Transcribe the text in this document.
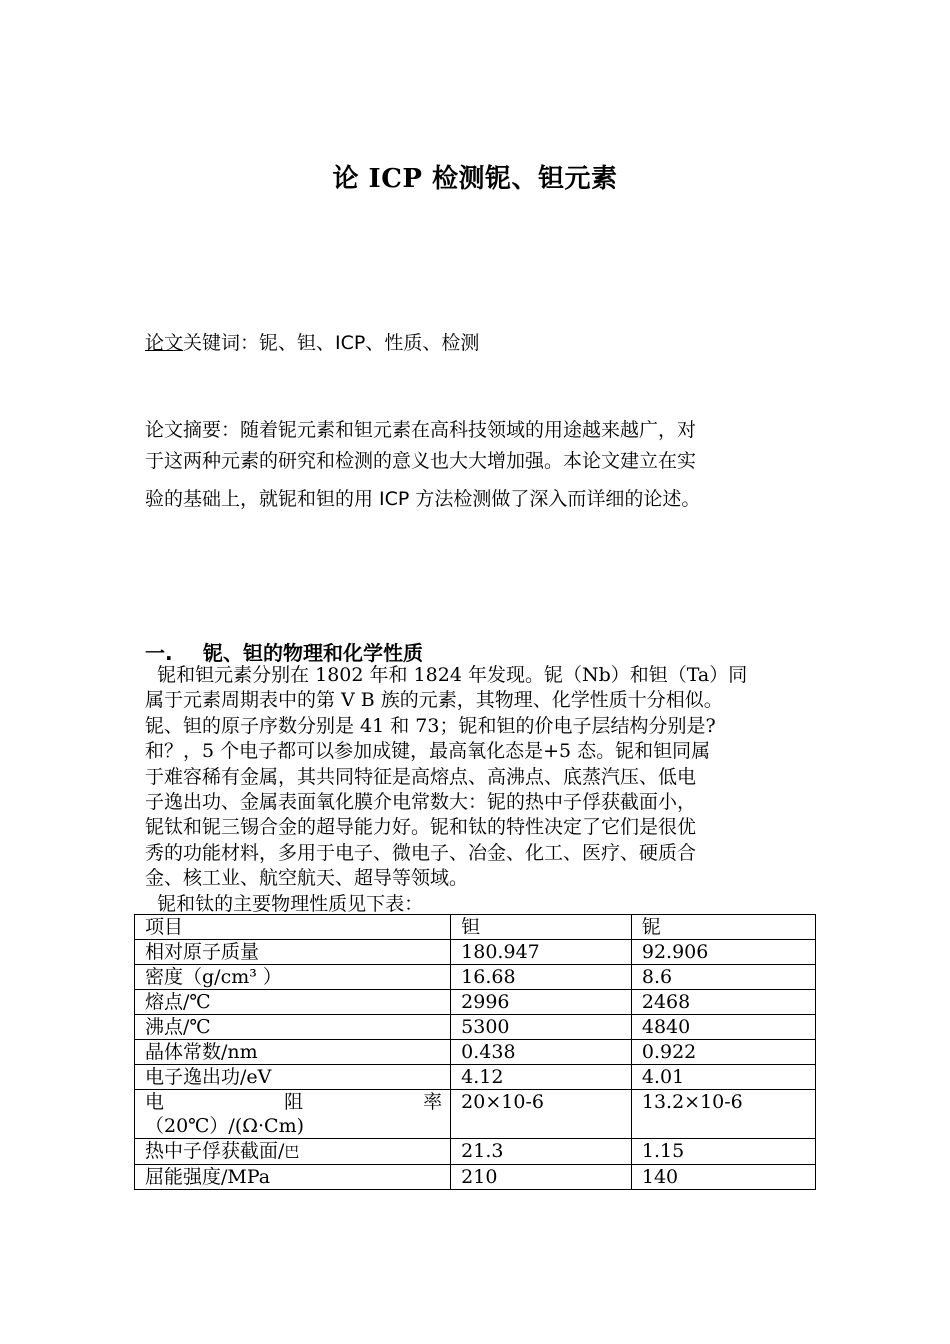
论 ICP 检测铌、钽元素
论文关键词：铌、钽、ICP、性质、检测
论文摘要：随着铌元素和钽元素在高科技领域的用途越来越广，对
于这两种元素的研究和检测的意义也大大增加强。本论文建立在实
验的基础上，就铌和钽的用 ICP 方法检测做了深入而详细的论述。
一. 铌、钽的物理和化学性质
铌和钽元素分别在 1802 年和 1824 年发现。铌（Nb）和钽（Ta）同
属于元素周期表中的第 V B 族的元素，其物理、化学性质十分相似。
铌、钽的原子序数分别是 41 和 73；铌和钽的价电子层结构分别是?
和？，5 个电子都可以参加成键，最高氧化态是+5 态。铌和钽同属
于难容稀有金属，其共同特征是高熔点、高沸点、底蒸汽压、低电
子逸出功、金属表面氧化膜介电常数大：铌的热中子俘获截面小，
铌钛和铌三锡合金的超导能力好。铌和钛的特性决定了它们是很优
秀的功能材料，多用于电子、微电子、冶金、化工、医疗、硬质合
金、核工业、航空航天、超导等领域。
铌和钛的主要物理性质见下表：
项目	钽	铌
相对原子质量	180.947	92.906
密度（g/cm³ ）	16.68	8.6
熔点/℃	2996	2468
沸点/℃	5300	4840
晶体常数/nm	0.438	0.922
电子逸出功/eV	4.12	4.01

电  阻  率
（20℃）/(Ω·Cm)	20×10-6	13.2×10-6
热中子俘获截面/巴	21.3	1.15
屈能强度/MPa	210	140
